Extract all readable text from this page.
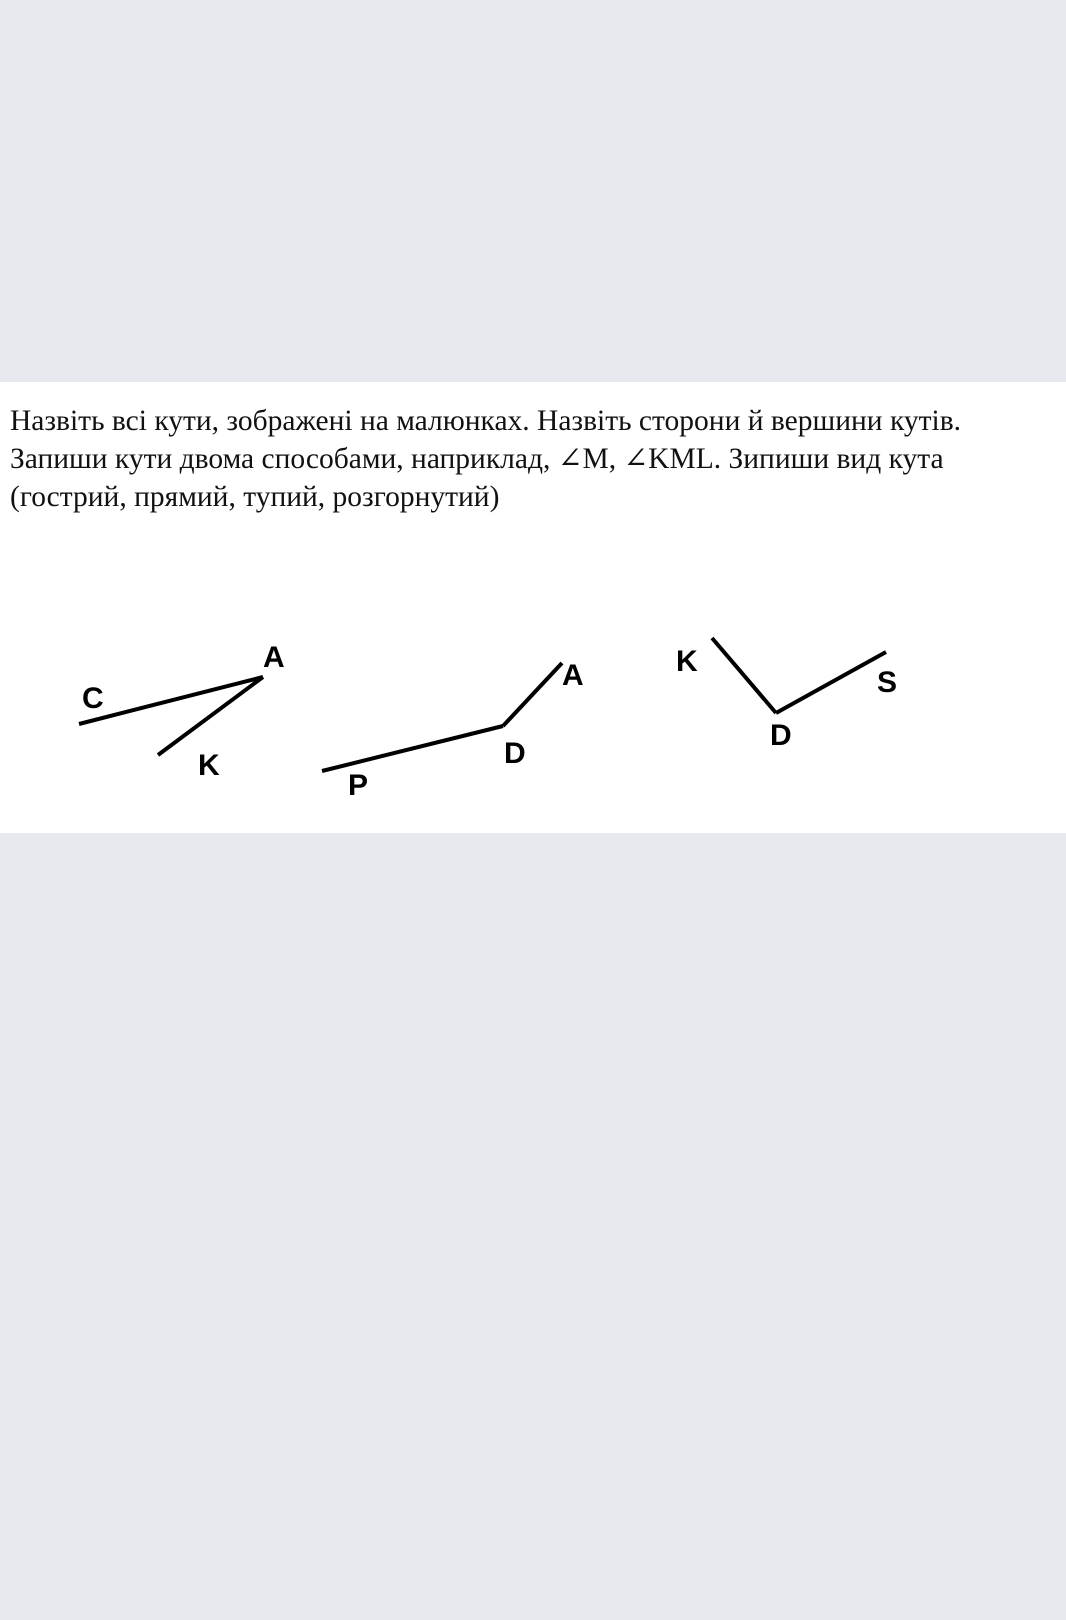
Назвіть всі кути, зображені на малюнках. Назвіть сторони й вершини кутів. Запиши кути двома способами, наприклад, ∠M, ∠KML. Зипиши вид кута (гострий, прямий, тупий, розгорнутий)

C
A
K
P
D
A	K
D
S
